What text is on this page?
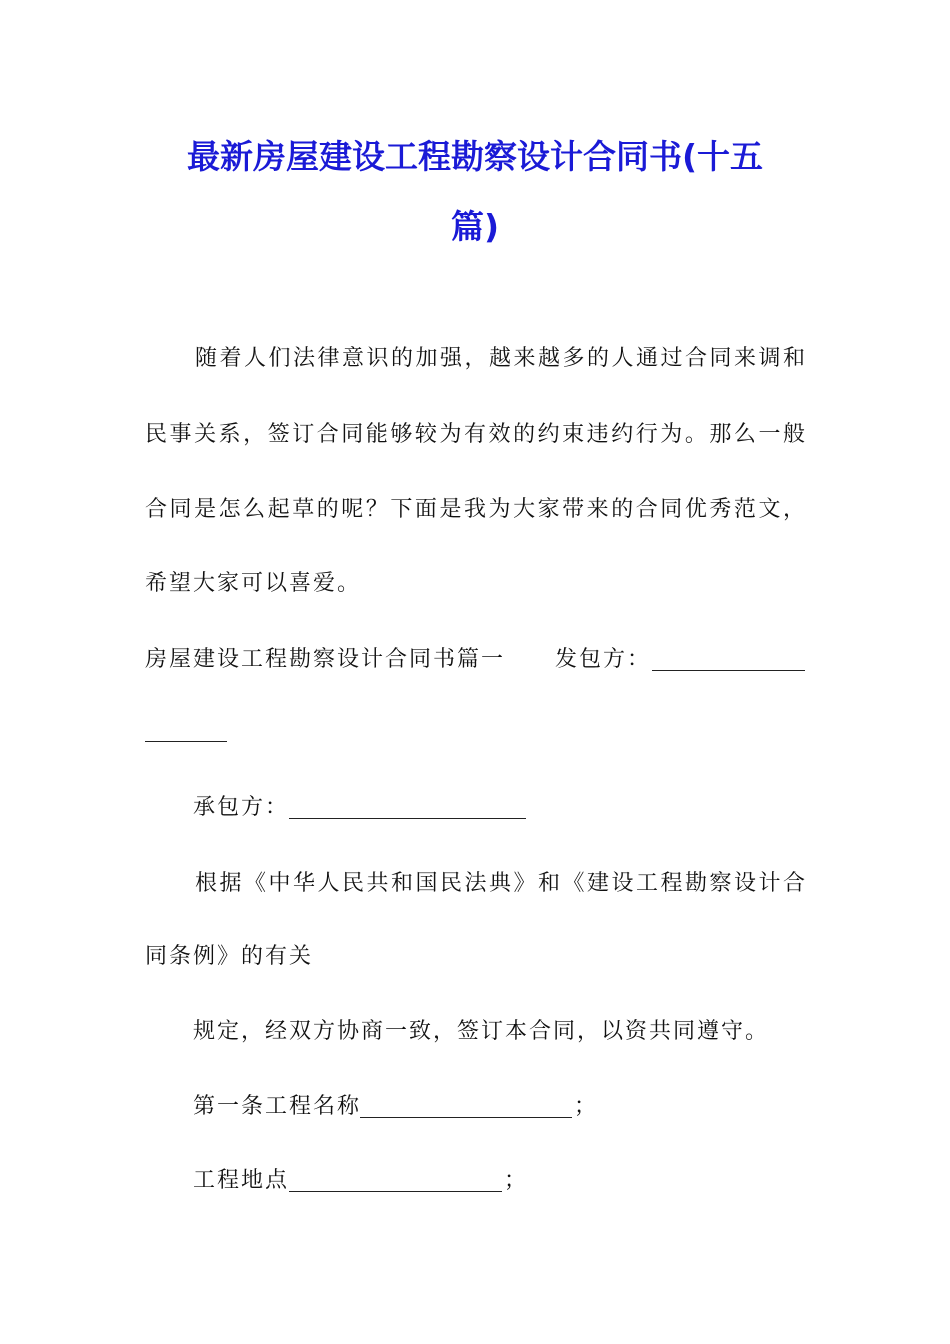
最新房屋建设工程勘察设计合同书(十五
篇)
随着人们法律意识的加强，越来越多的人通过合同来调和
民事关系，签订合同能够较为有效的约束违约行为。那么一般
合同是怎么起草的呢？下面是我为大家带来的合同优秀范文，
希望大家可以喜爱。
房屋建设工程勘察设计合同书篇一 发包方：
承包方：
根据《中华人民共和国民法典》和《建设工程勘察设计合
同条例》的有关
规定，经双方协商一致，签订本合同，以资共同遵守。
第一条工程名称	；
工程地点	；
